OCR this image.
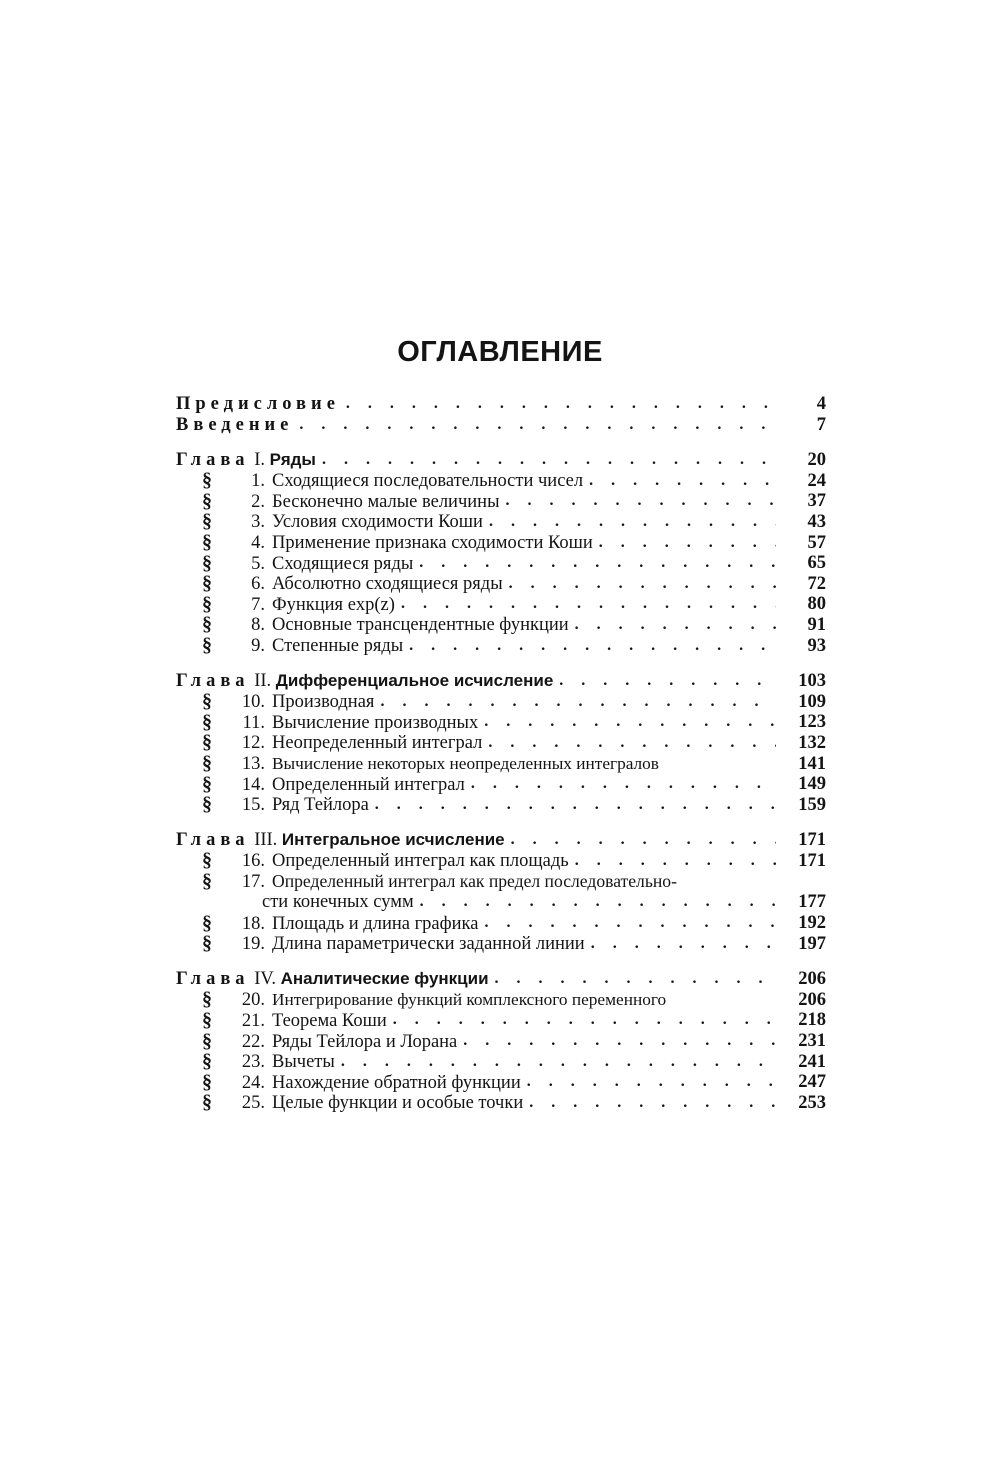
ОГЛАВЛЕНИЕ
Предисловие . . .	4
Введение . . .	7
Глава I. Ряды . . .	20
§ 1. Сходящиеся последовательности чисел . . .	24
§ 2. Бесконечно малые величины . . .	37
§ 3. Условия сходимости Коши . . .	43
§ 4. Применение признака сходимости Коши . . .	57
§ 5. Сходящиеся ряды . . .	65
§ 6. Абсолютно сходящиеся ряды . . .	72
§ 7. Функция exp(z) . . .	80
§ 8. Основные трансцендентные функции . . .	91
§ 9. Степенные ряды . . .	93
Глава II. Дифференциальное исчисление . . .	103
§ 10. Производная . . .	109
§ 11. Вычисление производных . . .	123
§ 12. Неопределенный интеграл . . .	132
§ 13. Вычисление некоторых неопределенных интегралов	141
§ 14. Определенный интеграл . . .	149
§ 15. Ряд Тейлора . . .	159
Глава III. Интегральное исчисление . . .	171
§ 16. Определенный интеграл как площадь . . .	171
§ 17. Определенный интеграл как предел последовательно-
сти конечных сумм . . .	177
§ 18. Площадь и длина графика . . .	192
§ 19. Длина параметрически заданной линии . . .	197
Глава IV. Аналитические функции . . .	206
§ 20. Интегрирование функций комплексного переменного	206
§ 21. Теорема Коши . . .	218
§ 22. Ряды Тейлора и Лорана . . .	231
§ 23. Вычеты . . .	241
§ 24. Нахождение обратной функции . . .	247
§ 25. Целые функции и особые точки . . .	253
